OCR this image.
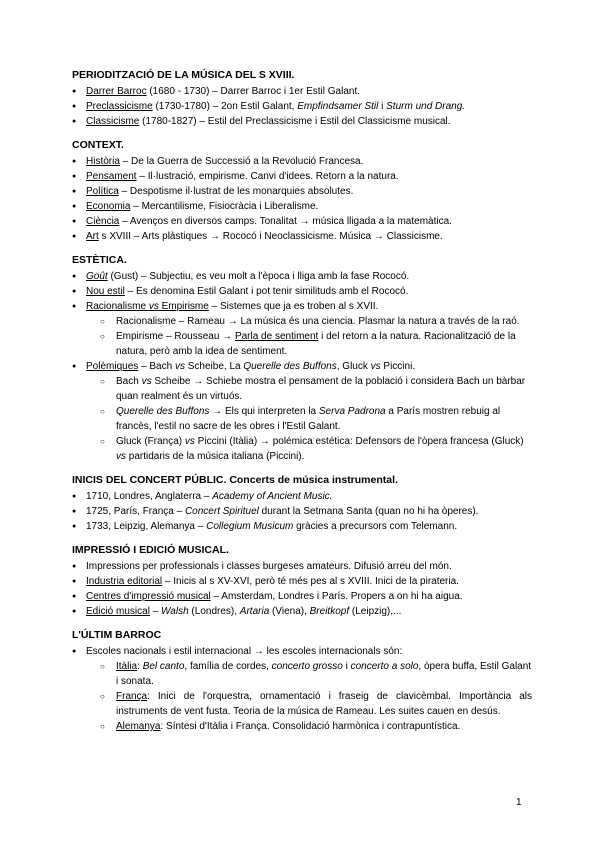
PERIODITZACIÓ DE LA MÚSICA DEL S XVIII.
● Darrer Barroc (1680 - 1730) – Darrer Barroc i 1er Estil Galant.
● Preclassicisme (1730-1780) – 2on Estil Galant, Empfindsamer Stil i Sturm und Drang.
● Classicisme (1780-1827) – Estil del Preclassicisme i Estil del Classicisme musical.
CONTEXT.
● Història – De la Guerra de Successió a la Revolució Francesa.
● Pensament – Il·lustració, empirisme. Canvi d'idees. Retorn a la natura.
● Política – Despotisme il·lustrat de les monarquies absolutes.
● Economia – Mercantilisme, Fisiocràcia i Liberalisme.
● Ciència – Avenços en diversos camps. Tonalitat → música lligada a la matemàtica.
● Art s XVIII – Arts plàstiques → Rococó i Neoclassicisme. Música → Classicisme.
ESTÈTICA.
● Goût (Gust) – Subjectiu, es veu molt a l'època i lliga amb la fase Rococó.
● Nou estil – Es denomina Estil Galant i pot tenir similituds amb el Rococó.
● Racionalisme vs Empirisme – Sistemes que ja es troben al s XVII.
○ Racionalisme – Rameau → La música és una ciencia. Plasmar la natura a través de la raó.
○ Empirisme – Rousseau → Parla de sentiment i del retorn a la natura. Racionalització de la natura, però amb la idea de sentiment.
● Polèmiques – Bach vs Scheibe, La Querelle des Buffons, Gluck vs Piccini.
○ Bach vs Scheibe → Schiebe mostra el pensament de la població i considera Bach un bàrbar quan realment és un virtuós.
○ Querelle des Buffons → Els qui interpreten la Serva Padrona a París mostren rebuig al francès, l'estil no sacre de les obres i l'Estil Galant.
○ Gluck (França) vs Piccini (Itàlia) → polémica estética: Defensors de l'òpera francesa (Gluck) vs partidaris de la música italiana (Piccini).
INICIS DEL CONCERT PÚBLIC. Concerts de música instrumental.
● 1710, Londres, Anglaterra – Academy of Ancient Music.
● 1725, París, França – Concert Spirituel durant la Setmana Santa (quan no hi ha òperes).
● 1733, Leipzig, Alemanya – Collegium Musicum gràcies a precursors com Telemann.
IMPRESSIÓ I EDICIÓ MUSICAL.
● Impressions per professionals i classes burgeses amateurs. Difusió arreu del món.
● Industria editorial – Inicis al s XV-XVI, però té més pes al s XVIII. Inici de la pirateria.
● Centres d'impressió musical – Amsterdam, Londres i París. Propers a on hi ha aigua.
● Edició musical – Walsh (Londres), Artaria (Viena), Breitkopf (Leipzig),...
L'ÚLTIM BARROC
● Escoles nacionals i estil internacional → les escoles internacionals són:
○ Itàlia: Bel canto, família de cordes, concerto grosso i concerto a solo, òpera buffa, Estil Galant i sonata.
○ França: Inici de l'orquestra, ornamentació i fraseig de clavicèmbal. Importància als instruments de vent fusta. Teoria de la música de Rameau. Les suites cauen en desús.
○ Alemanya: Síntesi d'Itàlia i França. Consolidació harmònica i contrapuntística.
1
